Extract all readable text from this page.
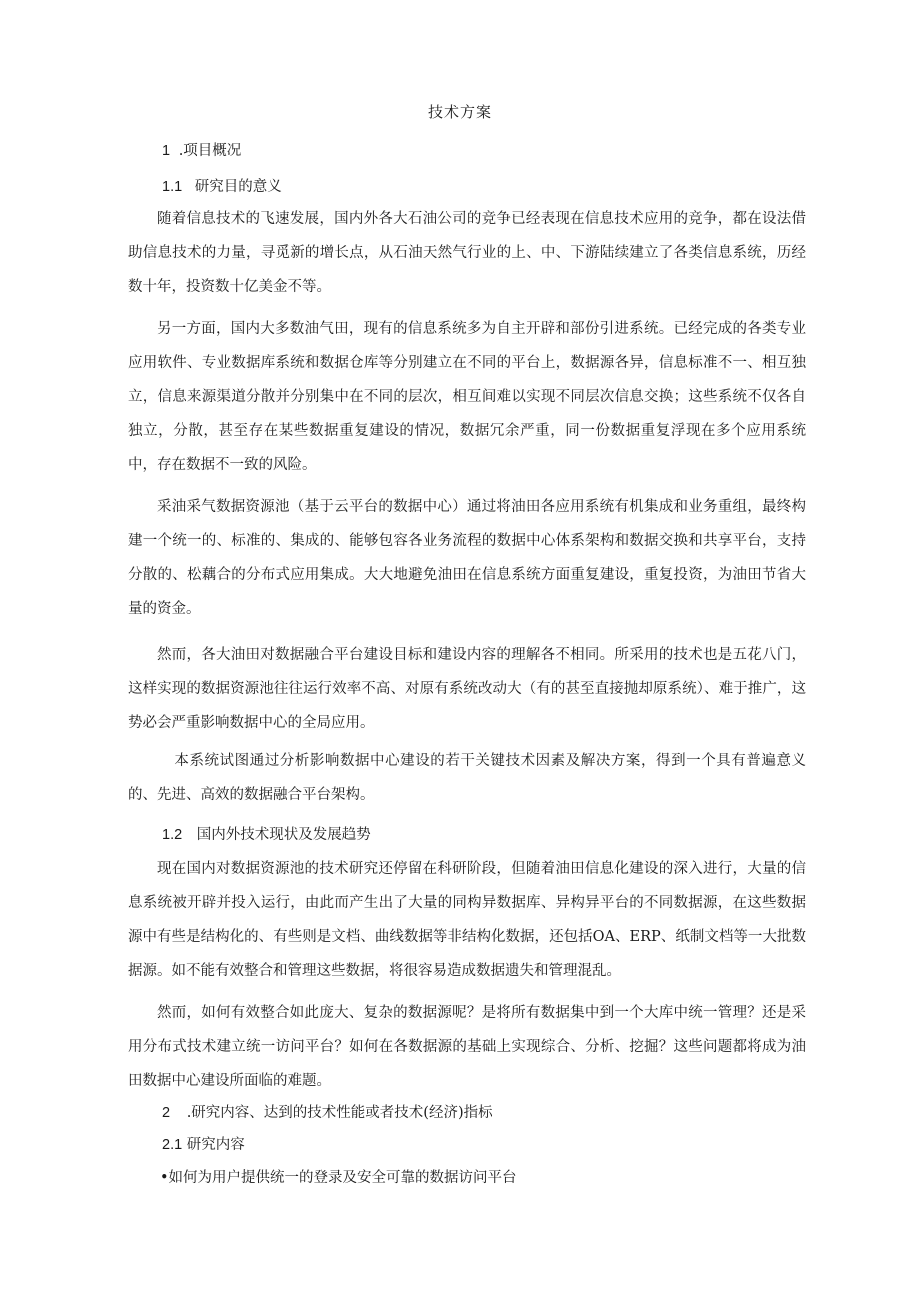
技术方案
1 .项目概况
1.1 研究目的意义
随着信息技术的飞速发展，国内外各大石油公司的竞争已经表现在信息技术应用的竞争，都在设法借助信息技术的力量，寻觅新的增长点，从石油天然气行业的上、中、下游陆续建立了各类信息系统，历经数十年，投资数十亿美金不等。
另一方面，国内大多数油气田，现有的信息系统多为自主开辟和部份引进系统。已经完成的各类专业应用软件、专业数据库系统和数据仓库等分别建立在不同的平台上，数据源各异，信息标准不一、相互独立，信息来源渠道分散并分别集中在不同的层次，相互间难以实现不同层次信息交换；这些系统不仅各自独立，分散，甚至存在某些数据重复建设的情况，数据冗余严重，同一份数据重复浮现在多个应用系统中，存在数据不一致的风险。
采油采气数据资源池（基于云平台的数据中心）通过将油田各应用系统有机集成和业务重组，最终构建一个统一的、标准的、集成的、能够包容各业务流程的数据中心体系架构和数据交换和共享平台，支持分散的、松藕合的分布式应用集成。大大地避免油田在信息系统方面重复建设，重复投资，为油田节省大量的资金。
然而，各大油田对数据融合平台建设目标和建设内容的理解各不相同。所采用的技术也是五花八门，这样实现的数据资源池往往运行效率不高、对原有系统改动大（有的甚至直接抛却原系统）、难于推广，这势必会严重影响数据中心的全局应用。
本系统试图通过分析影响数据中心建设的若干关键技术因素及解决方案，得到一个具有普遍意义的、先进、高效的数据融合平台架构。
1.2 国内外技术现状及发展趋势
现在国内对数据资源池的技术研究还停留在科研阶段，但随着油田信息化建设的深入进行，大量的信息系统被开辟并投入运行，由此而产生出了大量的同构异数据库、异构异平台的不同数据源，在这些数据源中有些是结构化的、有些则是文档、曲线数据等非结构化数据，还包括OA、ERP、纸制文档等一大批数据源。如不能有效整合和管理这些数据，将很容易造成数据遗失和管理混乱。
然而，如何有效整合如此庞大、复杂的数据源呢？是将所有数据集中到一个大库中统一管理？还是采用分布式技术建立统一访问平台？如何在各数据源的基础上实现综合、分析、挖掘？这些问题都将成为油田数据中心建设所面临的难题。
2 .研究内容、达到的技术性能或者技术(经济)指标
2.1 研究内容
•如何为用户提供统一的登录及安全可靠的数据访问平台
